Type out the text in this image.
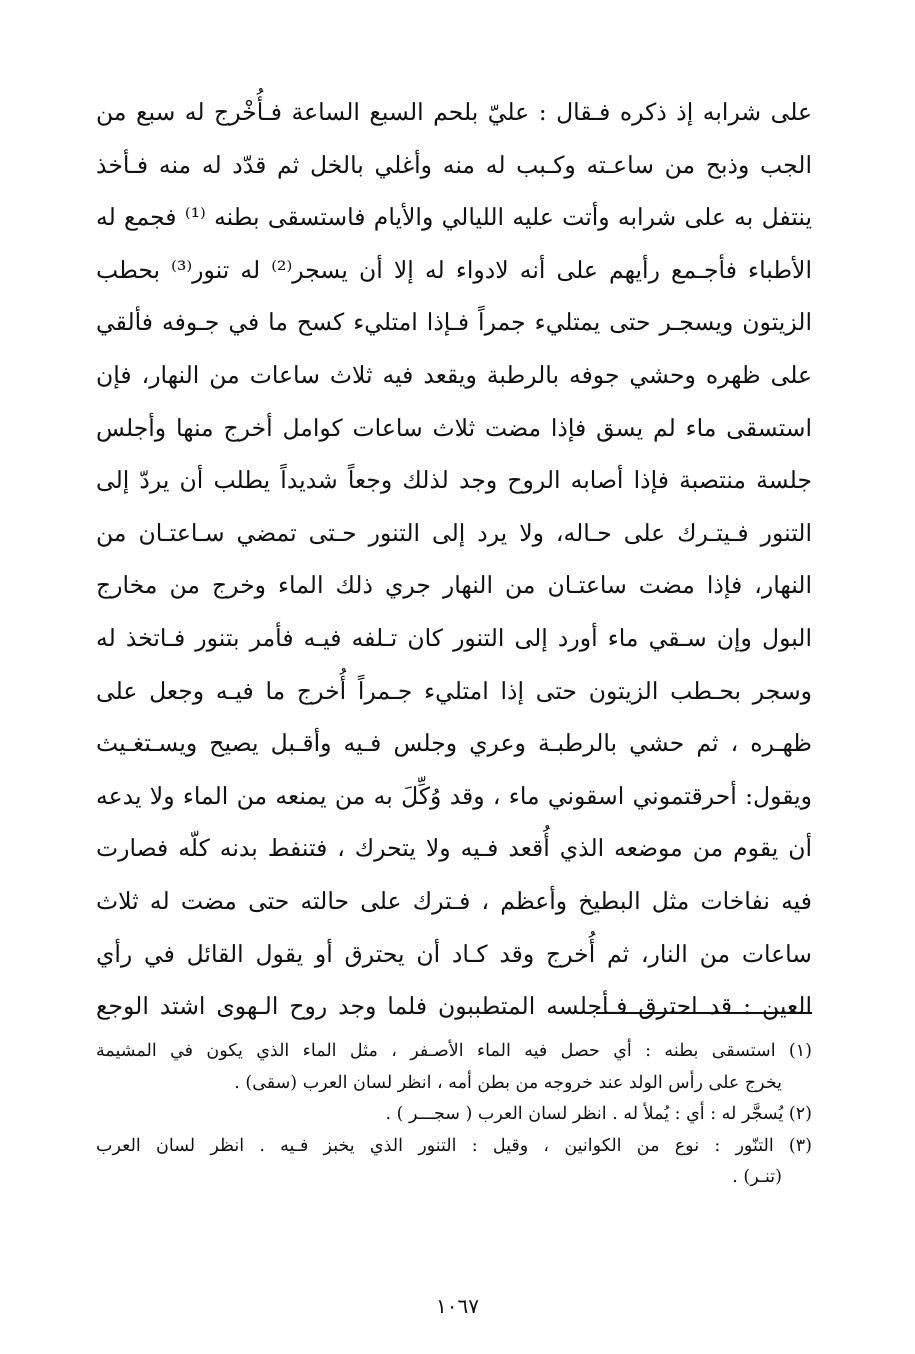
على شرابه إذ ذكره فـقال : عليّ بلحم السبع الساعة فـأُخْرج له سبع من
الجب وذبح من ساعـته وكـبب له منه وأغلي بالخل ثم قدّد له منه فـأخذ
ينتفل به على شرابه وأتت عليه الليالي والأيام فاستسقى بطنه ⁽¹⁾ فجمع له
الأطباء فأجـمع رأيهم على أنه لادواء له إلا أن يسجر⁽²⁾ له تنور⁽³⁾ بحطب
الزيتون ويسجـر حتى يمتليء جمراً فـإذا امتليء كسح ما في جـوفه فألقي
على ظهره وحشي جوفه بالرطبة ويقعد فيه ثلاث ساعات من النهار، فإن
استسقى ماء لم يسق فإذا مضت ثلاث ساعات كوامل أخرج منها وأجلس
جلسة منتصبة فإذا أصابه الروح وجد لذلك وجعاً شديداً يطلب أن يردّ إلى
التنور فـيتـرك على حـاله، ولا يرد إلى التنور حـتى تمضي سـاعتـان من
النهار، فإذا مضت ساعتـان من النهار جري ذلك الماء وخرج من مخارج
البول وإن سـقي ماء أورد إلى التنور كان تـلفه فيـه فأمر بتنور فـاتخذ له
وسجر بحـطب الزيتون حتى إذا امتليء جـمراً أُخرج ما فيـه وجعل على
ظهـره ، ثم حشي بالرطبـة وعري وجلس فـيه وأقـبل يصيح ويسـتغـيث
ويقول: أحرقتموني اسقوني ماء ، وقد وُكِّلَ به من يمنعه من الماء ولا يدعه
أن يقوم من موضعه الذي أُقعد فـيه ولا يتحرك ، فتنفط بدنه كلّه فصارت
فيه نفاخات مثل البطيخ وأعظم ، فـترك على حالته حتى مضت له ثلاث
ساعات من النار، ثم أُخرج وقد كـاد أن يحترق أو يقول القائل في رأي
العين : قد احترق فـأجلسه المتطببون فلما وجد روح الـهوى اشتد الوجع
(١) استسقى بطنه : أي حصل فيه الماء الأصـفر ، مثل الماء الذي يكون في المشيمة
يخرج على رأس الولد عند خروجه من بطن أمه ، انظر لسان العرب (سقى) .
(٢) يُسجَّر له : أي : يُملأ له . انظر لسان العرب ( سجـــر ) .
(٣) التنّور : نوع من الكوانين ، وقيل : التنور الذي يخبز فـيه . انظر لسان العرب
(تنـر) .
١٠٦٧
